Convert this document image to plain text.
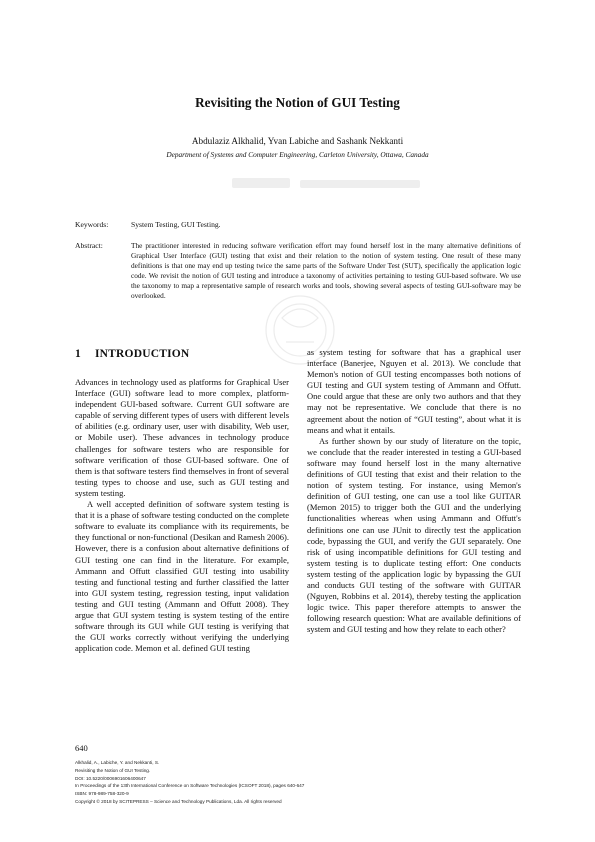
Revisiting the Notion of GUI Testing
Abdulaziz Alkhalid, Yvan Labiche and Sashank Nekkanti
Department of Systems and Computer Engineering, Carleton University, Ottawa, Canada
Keywords:	System Testing, GUI Testing.
Abstract:	The practitioner interested in reducing software verification effort may found herself lost in the many alternative definitions of Graphical User Interface (GUI) testing that exist and their relation to the notion of system testing. One result of these many definitions is that one may end up testing twice the same parts of the Software Under Test (SUT), specifically the application logic code. We revisit the notion of GUI testing and introduce a taxonomy of activities pertaining to testing GUI-based software. We use the taxonomy to map a representative sample of research works and tools, showing several aspects of testing GUI-software may be overlooked.
1 INTRODUCTION

Advances in technology used as platforms for Graphical User Interface (GUI) software lead to more complex, platform-independent GUI-based software. Current GUI software are capable of serving different types of users with different levels of abilities (e.g. ordinary user, user with disability, Web user, or Mobile user). These advances in technology produce challenges for software testers who are responsible for software verification of those GUI-based software. One of them is that software testers find themselves in front of several testing types to choose and use, such as GUI testing and system testing.

A well accepted definition of software system testing is that it is a phase of software testing conducted on the complete software to evaluate its compliance with its requirements, be they functional or non-functional (Desikan and Ramesh 2006). However, there is a confusion about alternative definitions of GUI testing one can find in the literature. For example, Ammann and Offutt classified GUI testing into usability testing and functional testing and further classified the latter into GUI system testing, regression testing, input validation testing and GUI testing (Ammann and Offutt 2008). They argue that GUI system testing is system testing of the entire software through its GUI while GUI testing is verifying that the GUI works correctly without verifying the underlying application code. Memon et al. defined GUI testing

as system testing for software that has a graphical user interface (Banerjee, Nguyen et al. 2013). We conclude that Memon's notion of GUI testing encompasses both notions of GUI testing and GUI system testing of Ammann and Offutt. One could argue that these are only two authors and that they may not be representative. We conclude that there is no agreement about the notion of “GUI testing”, about what it is means and what it entails.

As further shown by our study of literature on the topic, we conclude that the reader interested in testing a GUI-based software may found herself lost in the many alternative definitions of GUI testing that exist and their relation to the notion of system testing. For instance, using Memon's definition of GUI testing, one can use a tool like GUITAR (Memon 2015) to trigger both the GUI and the underlying functionalities whereas when using Ammann and Offutt's definitions one can use JUnit to directly test the application code, bypassing the GUI, and verify the GUI separately. One risk of using incompatible definitions for GUI testing and system testing is to duplicate testing effort: One conducts system testing of the application logic by bypassing the GUI and conducts GUI testing of the software with GUITAR (Nguyen, Robbins et al. 2014), thereby testing the application logic twice. This paper therefore attempts to answer the following research question: What are available definitions of system and GUI testing and how they relate to each other?

640
Alkhalid, A., Labiche, Y. and Nekkanti, S.
Revisiting the Notion of GUI Testing.
DOI: 10.5220/0006901606400647
In Proceedings of the 13th International Conference on Software Technologies (ICSOFT 2018), pages 640-647
ISBN: 978-989-758-320-9
Copyright © 2018 by SCITEPRESS – Science and Technology Publications, Lda. All rights reserved
